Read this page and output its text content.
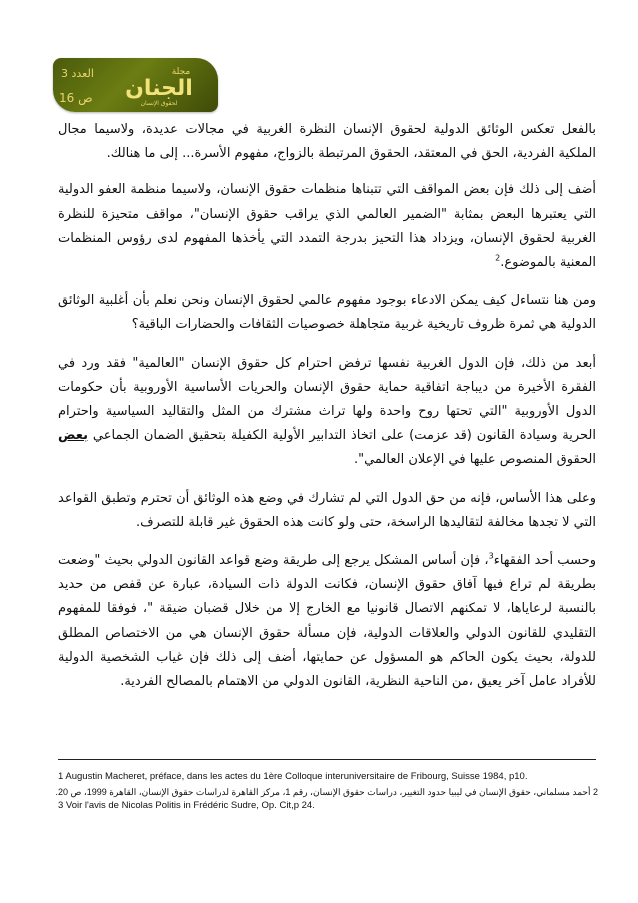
العدد 3
ص 16
مجلة
الجنان
لحقوق الإنسان

بالفعل تعكس الوثائق الدولية لحقوق الإنسان النظرة الغربية في مجالات عديدة، ولاسيما مجال الملكية الفردية، الحق في المعتقد، الحقوق المرتبطة بالزواج، مفهوم الأسرة... إلى ما هنالك.

أضف إلى ذلك فإن بعض المواقف التي تتبناها منظمات حقوق الإنسان، ولاسيما منظمة العفو الدولية التي يعتبرها البعض بمثابة "الضمير العالمي الذي يراقب حقوق الإنسان"، مواقف متحيزة للنظرة الغربية لحقوق الإنسان، ويزداد هذا التحيز بدرجة التمدد التي يأخذها المفهوم لدى رؤوس المنظمات المعنية بالموضوع.$^2$

ومن هنا نتساءل كيف يمكن الادعاء بوجود مفهوم عالمي لحقوق الإنسان ونحن نعلم بأن أغلبية الوثائق الدولية هي ثمرة ظروف تاريخية غربية متجاهلة خصوصيات الثقافات والحضارات الباقية؟

أبعد من ذلك، فإن الدول الغربية نفسها ترفض احترام كل حقوق الإنسان "العالمية" فقد ورد في الفقرة الأخيرة من ديباجة اتفاقية حماية حقوق الإنسان والحريات الأساسية الأوروبية بأن حكومات الدول الأوروبية "التي تحتها روح واحدة ولها تراث مشترك من المثل والتقاليد السياسية واحترام الحرية وسيادة القانون (قد عزمت) على اتخاذ التدابير الأولية الكفيلة بتحقيق الضمان الجماعي بعض الحقوق المنصوص عليها في الإعلان العالمي".

وعلى هذا الأساس، فإنه من حق الدول التي لم تشارك في وضع هذه الوثائق أن تحترم وتطبق القواعد التي لا تجدها مخالفة لتقاليدها الراسخة، حتى ولو كانت هذه الحقوق غير قابلة للتصرف.

وحسب أحد الفقهاء$^3$، فإن أساس المشكل يرجع إلى طريقة وضع قواعد القانون الدولي بحيث "وضعت بطريقة لم تراع فيها آفاق حقوق الإنسان، فكانت الدولة ذات السيادة، عبارة عن قفص من حديد بالنسبة لرعاياها، لا تمكنهم الاتصال قانونيا مع الخارج إلا من خلال قضبان ضيقة "، فوفقا للمفهوم التقليدي للقانون الدولي والعلاقات الدولية، فإن مسألة حقوق الإنسان هي من الاختصاص المطلق للدولة، بحيث يكون الحاكم هو المسؤول عن حمايتها، أضف إلى ذلك فإن غياب الشخصية الدولية للأفراد عامل آخر يعيق ،من الناحية النظرية، القانون الدولي من الاهتمام بالمصالح الفردية.

1 Augustin Macheret, préface, dans les actes du 1ère Colloque interuniversitaire de Fribourg, Suisse 1984, p10.
2 أحمد مسلماني، حقوق الإنسان في ليبيا حدود التغيير، دراسات حقوق الإنسان، رقم 1، مركز القاهرة لدراسات حقوق الإنسان، القاهرة 1999، ص 20.
3 Voir l'avis de Nicolas Politis in Frédéric Sudre, Op. Cit,p 24.
